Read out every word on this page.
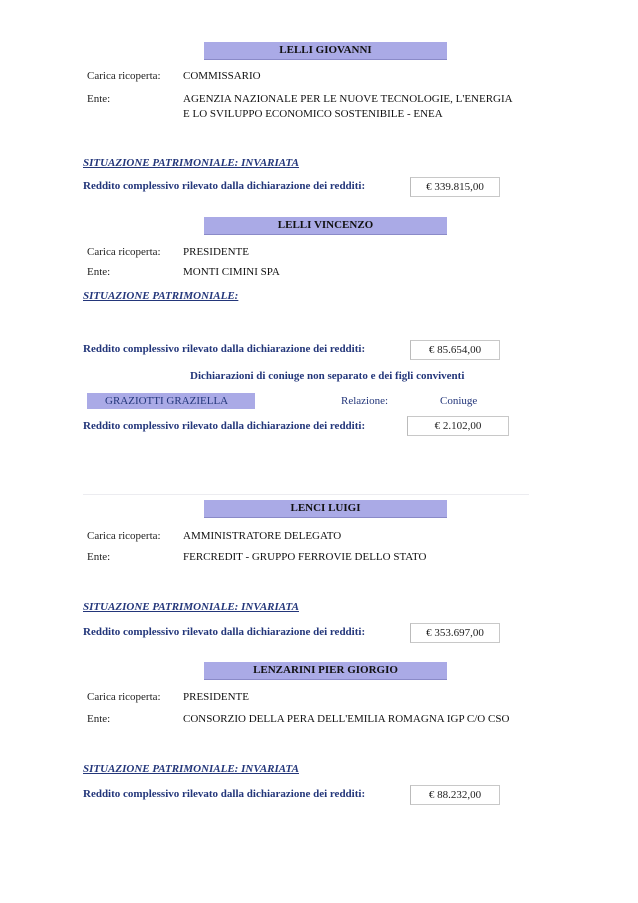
LELLI GIOVANNI
Carica ricoperta: COMMISSARIO
Ente:	AGENZIA NAZIONALE PER LE NUOVE TECNOLOGIE, L'ENERGIA
E LO SVILUPPO ECONOMICO SOSTENIBILE - ENEA
SITUAZIONE PATRIMONIALE: INVARIATA
Reddito complessivo rilevato dalla dichiarazione dei redditi:	€ 339.815,00
LELLI VINCENZO
Carica ricoperta: PRESIDENTE
Ente:	MONTI CIMINI SPA
SITUAZIONE PATRIMONIALE:
Reddito complessivo rilevato dalla dichiarazione dei redditi:	€ 85.654,00
Dichiarazioni di coniuge non separato e dei figli conviventi
GRAZIOTTI GRAZIELLA	Relazione:	Coniuge
Reddito complessivo rilevato dalla dichiarazione dei redditi:	€ 2.102,00
LENCI LUIGI
Carica ricoperta: AMMINISTRATORE DELEGATO
Ente:	FERCREDIT - GRUPPO FERROVIE DELLO STATO
SITUAZIONE PATRIMONIALE: INVARIATA
Reddito complessivo rilevato dalla dichiarazione dei redditi:	€ 353.697,00
LENZARINI PIER GIORGIO
Carica ricoperta: PRESIDENTE
Ente:	CONSORZIO DELLA PERA DELL'EMILIA ROMAGNA IGP C/O CSO
SITUAZIONE PATRIMONIALE: INVARIATA
Reddito complessivo rilevato dalla dichiarazione dei redditi:	€ 88.232,00
